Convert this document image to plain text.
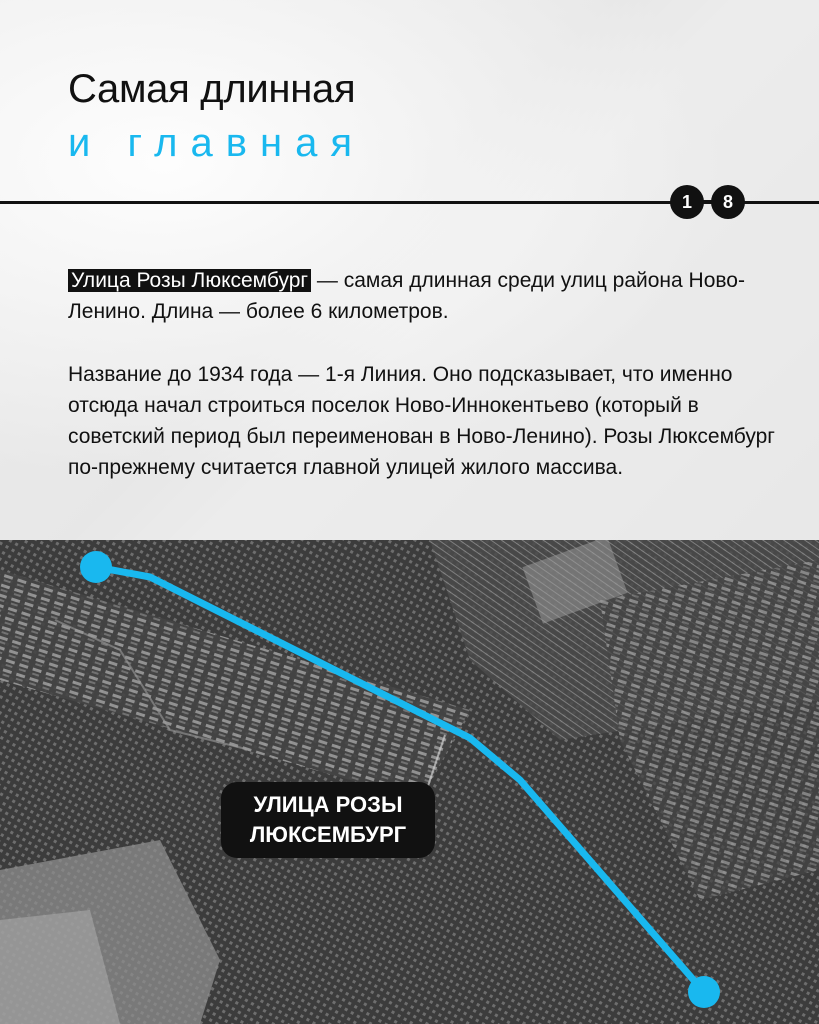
Самая длинная
и главная
1	8
Улица Розы Люксембург — самая длинная среди улиц района Ново-Ленино. Длина — более 6 километров.
Название до 1934 года — 1-я Линия. Оно подсказывает, что именно отсюда начал строиться поселок Ново-Иннокентьево (который в советский период был переименован в Ново-Ленино). Розы Люксембург по-прежнему считается главной улицей жилого массива.
УЛИЦА РОЗЫ
ЛЮКСЕМБУРГ
